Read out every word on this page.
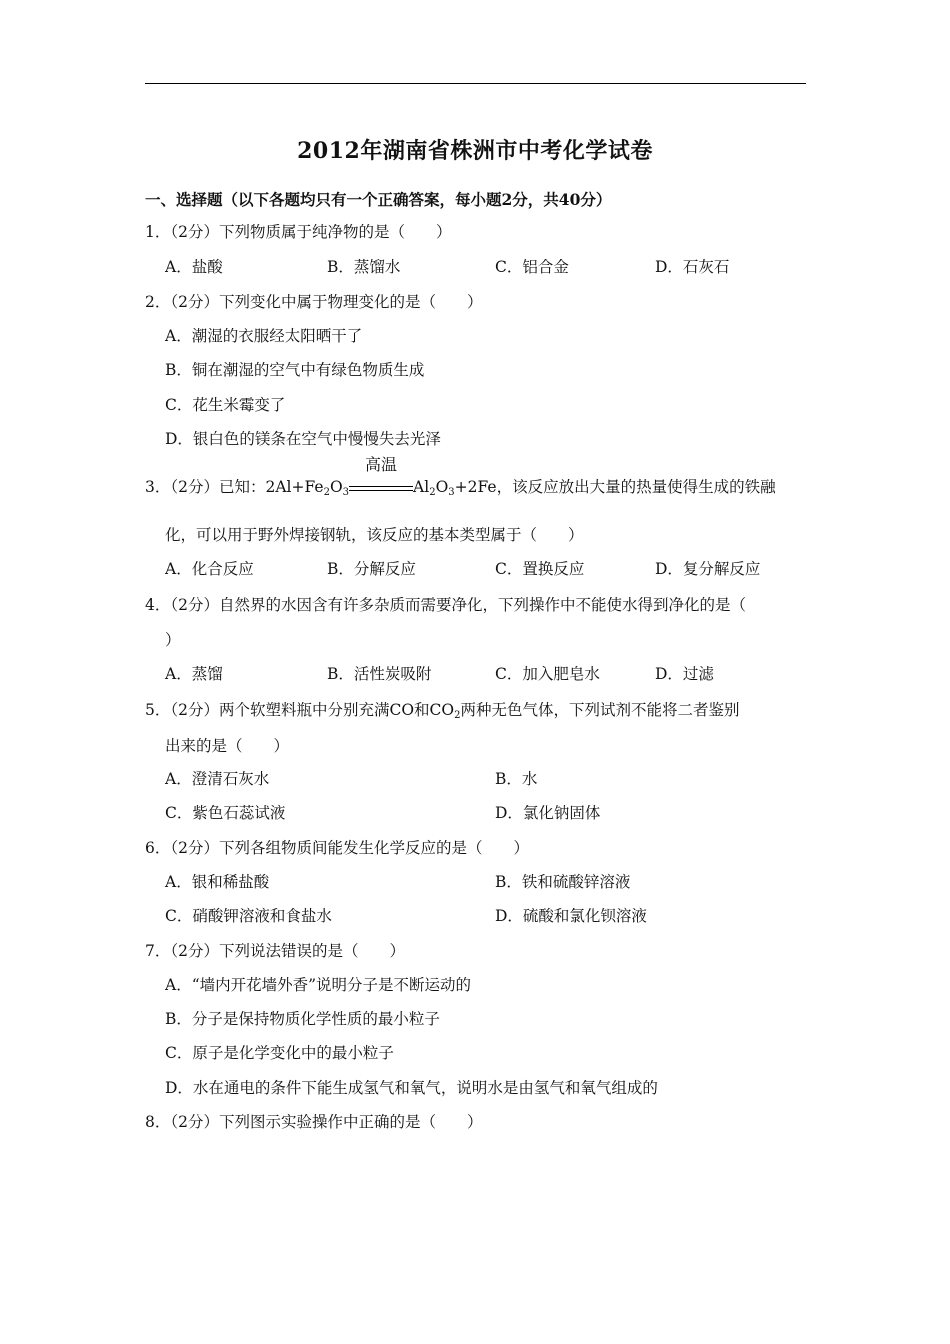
2012年湖南省株洲市中考化学试卷
一、选择题（以下各题均只有一个正确答案，每小题2分，共40分）
1．（2分）下列物质属于纯净物的是（　　）
A．盐酸	B．蒸馏水	C．铝合金	D．石灰石
2．（2分）下列变化中属于物理变化的是（　　）
A．潮湿的衣服经太阳晒干了
B．铜在潮湿的空气中有绿色物质生成
C．花生米霉变了
D．银白色的镁条在空气中慢慢失去光泽
3．（2分）已知：$2Al+Fe_2O_3$
高温
$Al_2O_3+2Fe$，该反应放出大量的热量使得生成的铁融
化，可以用于野外焊接钢轨，该反应的基本类型属于（　　）
A．化合反应	B．分解反应	C．置换反应	D．复分解反应
4．（2分）自然界的水因含有许多杂质而需要净化，下列操作中不能使水得到净化的是（
）
A．蒸馏	B．活性炭吸附	C．加入肥皂水	D．过滤
5．（2分）两个软塑料瓶中分别充满CO和$CO_2$两种无色气体，下列试剂不能将二者鉴别
出来的是（　　）
A．澄清石灰水	B．水
C．紫色石蕊试液	D．氯化钠固体
6．（2分）下列各组物质间能发生化学反应的是（　　）
A．银和稀盐酸	B．铁和硫酸锌溶液
C．硝酸钾溶液和食盐水	D．硫酸和氯化钡溶液
7．（2分）下列说法错误的是（　　）
A．“墙内开花墙外香”说明分子是不断运动的
B．分子是保持物质化学性质的最小粒子
C．原子是化学变化中的最小粒子
D．水在通电的条件下能生成氢气和氧气，说明水是由氢气和氧气组成的
8．（2分）下列图示实验操作中正确的是（　　）
